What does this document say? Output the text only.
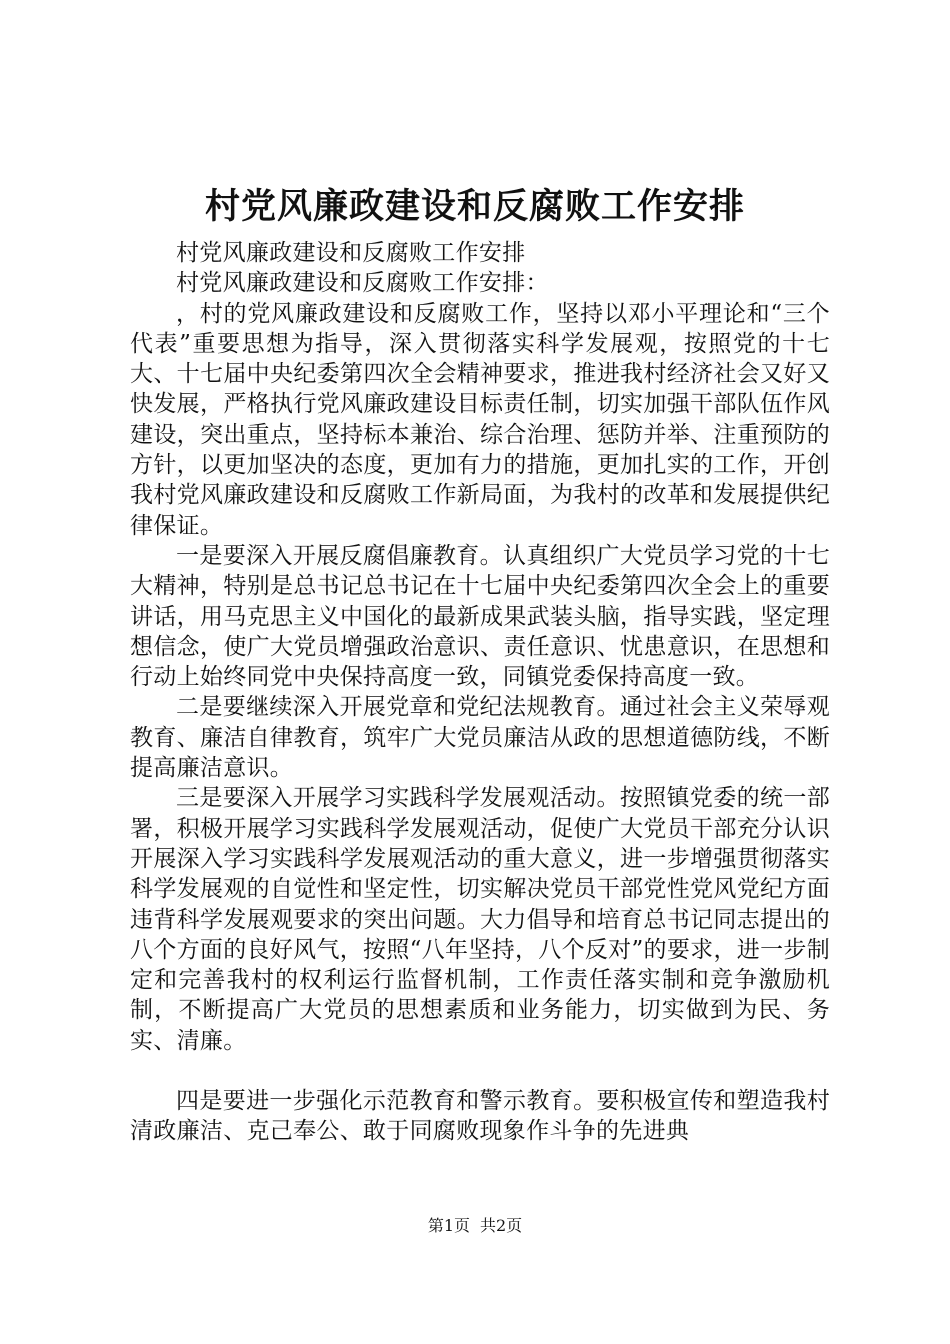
村党风廉政建设和反腐败工作安排

村党风廉政建设和反腐败工作安排

村党风廉政建设和反腐败工作安排：

，村的党风廉政建设和反腐败工作，坚持以邓小平理论和“三个代表”重要思想为指导，深入贯彻落实科学发展观，按照党的十七大、十七届中央纪委第四次全会精神要求，推进我村经济社会又好又快发展，严格执行党风廉政建设目标责任制，切实加强干部队伍作风建设，突出重点，坚持标本兼治、综合治理、惩防并举、注重预防的方针，以更加坚决的态度，更加有力的措施，更加扎实的工作，开创我村党风廉政建设和反腐败工作新局面，为我村的改革和发展提供纪律保证。

一是要深入开展反腐倡廉教育。认真组织广大党员学习党的十七大精神，特别是总书记总书记在十七届中央纪委第四次全会上的重要讲话，用马克思主义中国化的最新成果武装头脑，指导实践，坚定理想信念，使广大党员增强政治意识、责任意识、忧患意识，在思想和行动上始终同党中央保持高度一致，同镇党委保持高度一致。

二是要继续深入开展党章和党纪法规教育。通过社会主义荣辱观教育、廉洁自律教育，筑牢广大党员廉洁从政的思想道德防线，不断提高廉洁意识。

三是要深入开展学习实践科学发展观活动。按照镇党委的统一部署，积极开展学习实践科学发展观活动，促使广大党员干部充分认识开展深入学习实践科学发展观活动的重大意义，进一步增强贯彻落实科学发展观的自觉性和坚定性，切实解决党员干部党性党风党纪方面违背科学发展观要求的突出问题。大力倡导和培育总书记同志提出的八个方面的良好风气，按照“八年坚持，八个反对”的要求，进一步制定和完善我村的权利运行监督机制，工作责任落实制和竞争激励机制，不断提高广大党员的思想素质和业务能力，切实做到为民、务实、清廉。

四是要进一步强化示范教育和警示教育。要积极宣传和塑造我村清政廉洁、克己奉公、敢于同腐败现象作斗争的先进典

第1页 共2页
